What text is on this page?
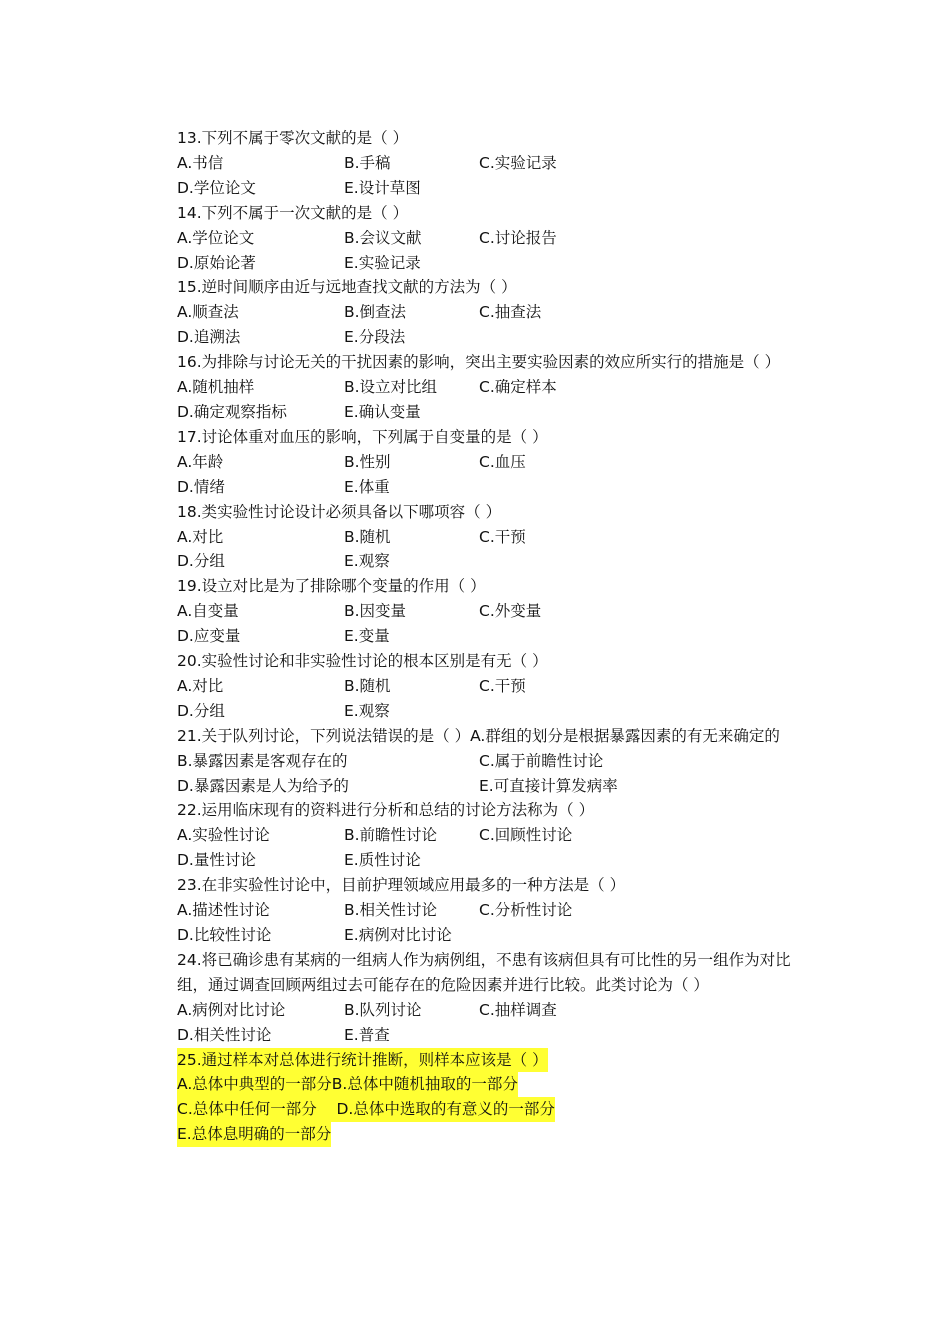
13.下列不属于零次文献的是（ ）

A.书信	B.手稿	C.实验记录
D.学位论文	E.设计草图

14.下列不属于一次文献的是（ ）

A.学位论文	B.会议文献	C.讨论报告
D.原始论著	E.实验记录

15.逆时间顺序由近与远地查找文献的方法为（ ）

A.顺查法	B.倒查法	C.抽查法
D.追溯法	E.分段法

16.为排除与讨论无关的干扰因素的影响，突出主要实验因素的效应所实行的措施是（ ）

A.随机抽样	B.设立对比组	C.确定样本
D.确定观察指标	E.确认变量

17.讨论体重对血压的影响，下列属于自变量的是（ ）

A.年龄	B.性别	C.血压
D.情绪	E.体重

18.类实验性讨论设计必须具备以下哪项容（ ）

A.对比	B.随机	C.干预
D.分组	E.观察

19.设立对比是为了排除哪个变量的作用（ ）

A.自变量	B.因变量	C.外变量
D.应变量	E.变量

20.实验性讨论和非实验性讨论的根本区别是有无（ ）

A.对比	B.随机	C.干预
D.分组	E.观察

21.关于队列讨论，下列说法错误的是（ ）A.群组的划分是根据暴露因素的有无来确定的

B.暴露因素是客观存在的	C.属于前瞻性讨论
D.暴露因素是人为给予的	E.可直接计算发病率

22.运用临床现有的资料进行分析和总结的讨论方法称为（ ）

A.实验性讨论	B.前瞻性讨论	C.回顾性讨论
D.量性讨论	E.质性讨论

23.在非实验性讨论中，目前护理领域应用最多的一种方法是（ ）

A.描述性讨论	B.相关性讨论	C.分析性讨论
D.比较性讨论	E.病例对比讨论

24.将已确诊患有某病的一组病人作为病例组，不患有该病但具有可比性的另一组作为对比组，通过调查回顾两组过去可能存在的危险因素并进行比较。此类讨论为（ ）

A.病例对比讨论	B.队列讨论	C.抽样调查
D.相关性讨论	E.普查
25.通过样本对总体进行统计推断，则样本应该是（ ）
A.总体中典型的一部分B.总体中随机抽取的一部分
C.总体中任何一部分    D.总体中选取的有意义的一部分
E.总体息明确的一部分
